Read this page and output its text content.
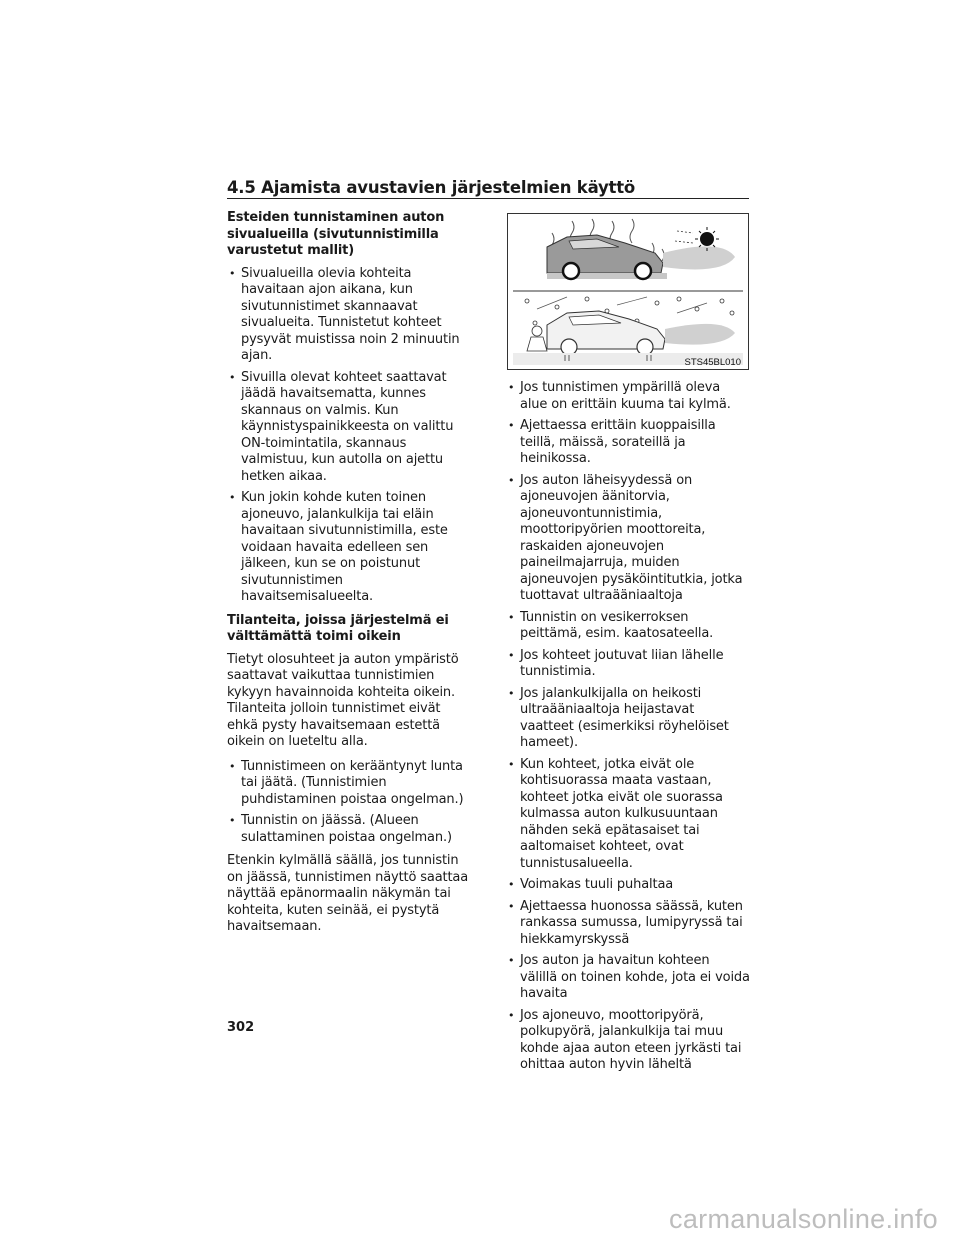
4.5 Ajamista avustavien järjestelmien käyttö
Esteiden tunnistaminen auton sivualueilla (sivutunnistimilla varustetut mallit)
• Sivualueilla olevia kohteita havaitaan ajon aikana, kun sivutunnistimet skannaavat sivualueita. Tunnistetut kohteet pysyvät muistissa noin 2 minuutin ajan.
• Sivuilla olevat kohteet saattavat jäädä havaitsematta, kunnes skannaus on valmis. Kun käynnistyspainikkeesta on valittu ON-toimintatila, skannaus valmistuu, kun autolla on ajettu hetken aikaa.
• Kun jokin kohde kuten toinen ajoneuvo, jalankulkija tai eläin havaitaan sivutunnistimilla, este voidaan havaita edelleen sen jälkeen, kun se on poistunut sivutunnistimen havaitsemisalueelta.
Tilanteita, joissa järjestelmä ei välttämättä toimi oikein

Tietyt olosuhteet ja auton ympäristö saattavat vaikuttaa tunnistimien kykyyn havainnoida kohteita oikein. Tilanteita jolloin tunnistimet eivät ehkä pysty havaitsemaan estettä oikein on lueteltu alla.

• Tunnistimeen on kerääntynyt lunta tai jäätä. (Tunnistimien puhdistaminen poistaa ongelman.)
• Tunnistin on jäässä. (Alueen sulattaminen poistaa ongelman.)

Etenkin kylmällä säällä, jos tunnistin on jäässä, tunnistimen näyttö saattaa näyttää epänormaalin näkymän tai kohteita, kuten seinää, ei pystytä havaitsemaan.

STS45BL010
• Jos tunnistimen ympärillä oleva alue on erittäin kuuma tai kylmä.
• Ajettaessa erittäin kuoppaisilla teillä, mäissä, sorateillä ja heinikossa.
• Jos auton läheisyydessä on ajoneuvojen äänitorvia, ajoneuvontunnistimia, moottoripyörien moottoreita, raskaiden ajoneuvojen paineilmajarruja, muiden ajoneuvojen pysäköintitutkia, jotka tuottavat ultraääniaaltoja
• Tunnistin on vesikerroksen peittämä, esim. kaatosateella.
• Jos kohteet joutuvat liian lähelle tunnistimia.
• Jos jalankulkijalla on heikosti ultraääniaaltoja heijastavat vaatteet (esimerkiksi röyhelöiset hameet).
• Kun kohteet, jotka eivät ole kohtisuorassa maata vastaan, kohteet jotka eivät ole suorassa kulmassa auton kulkusuuntaan nähden sekä epätasaiset tai aaltomaiset kohteet, ovat tunnistusalueella.
• Voimakas tuuli puhaltaa
• Ajettaessa huonossa säässä, kuten rankassa sumussa, lumipyryssä tai hiekkamyrskyssä
• Jos auton ja havaitun kohteen välillä on toinen kohde, jota ei voida havaita
• Jos ajoneuvo, moottoripyörä, polkupyörä, jalankulkija tai muu kohde ajaa auton eteen jyrkästi tai ohittaa auton hyvin läheltä
302
carmanualsonline.info
